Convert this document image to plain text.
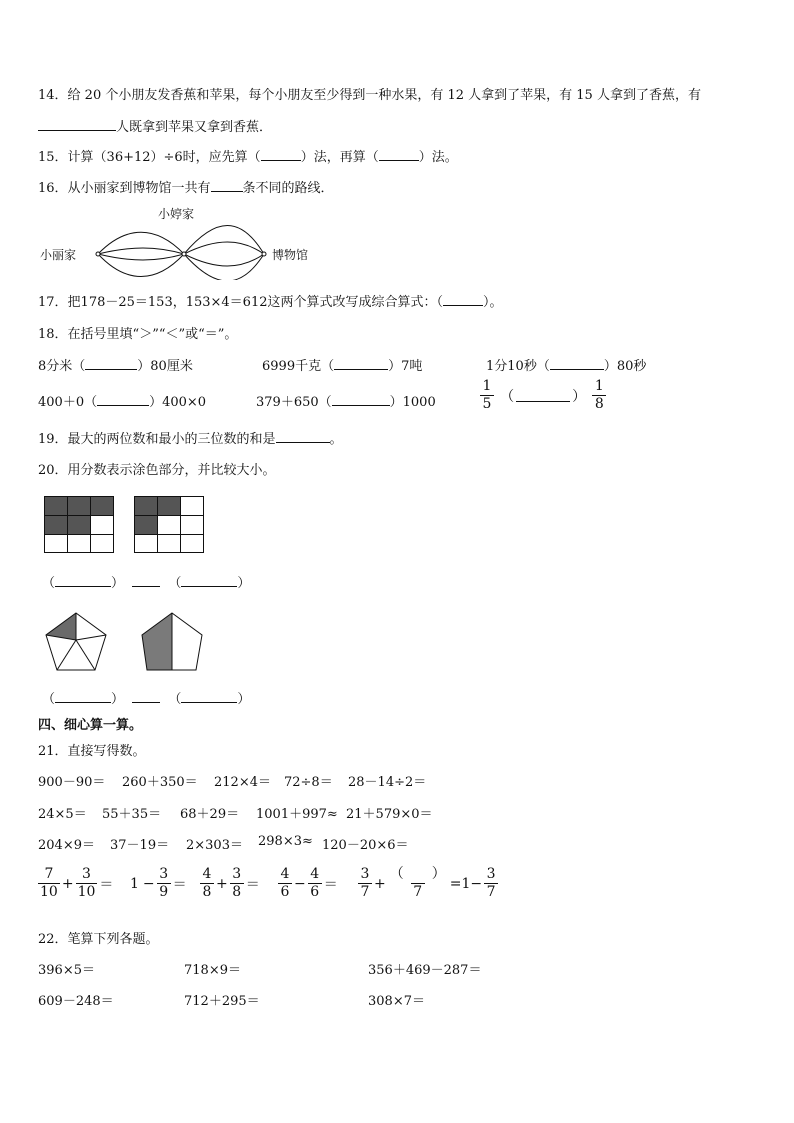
14．给 20 个小朋友发香蕉和苹果，每个小朋友至少得到一种水果，有 12 人拿到了苹果，有 15 人拿到了香蕉，有
人既拿到苹果又拿到香蕉．
15．计算（36+12）÷6时，应先算（	）法，再算（	）法。
16．从小丽家到博物馆一共有 条不同的路线．
小婷家
小丽家	博物馆
17．把178－25＝153，153×4＝612这两个算式改写成综合算式：（	）。
18．在括号里填“＞”“＜”或“＝”。
8分米（	）80厘米	6999千克（	）7吨	1分10秒（	）80秒
400＋0（	）400×0	379＋650（	）1000	$\frac{1}{5}$ （	） $\frac{1}{8}$
19．最大的两位数和最小的三位数的和是	。
20．用分数表示涂色部分，并比较大小。
（	）	（	）
（	）	（	）
四、细心算一算。
21．直接写得数。
900－90＝ 260＋350＝ 212×4＝ 72÷8＝ 28－14÷2＝
24×5＝ 55＋35＝ 68＋29＝ 1001＋997≈ 21＋579×0＝
204×9＝ 37－19＝ 2×303＝ 298×3≈ 120－20×6＝
$\frac{7}{10} + \frac{3}{10} = 1 - \frac{3}{9} = \frac{4}{8} + \frac{3}{8} = \frac{4}{6} - \frac{4}{6} = \frac{3}{7} + \frac{( )}{7} =1- \frac{3}{7}$
22．笔算下列各题。
396×5＝	718×9＝	356＋469－287＝
609－248＝	712＋295＝	308×7＝
